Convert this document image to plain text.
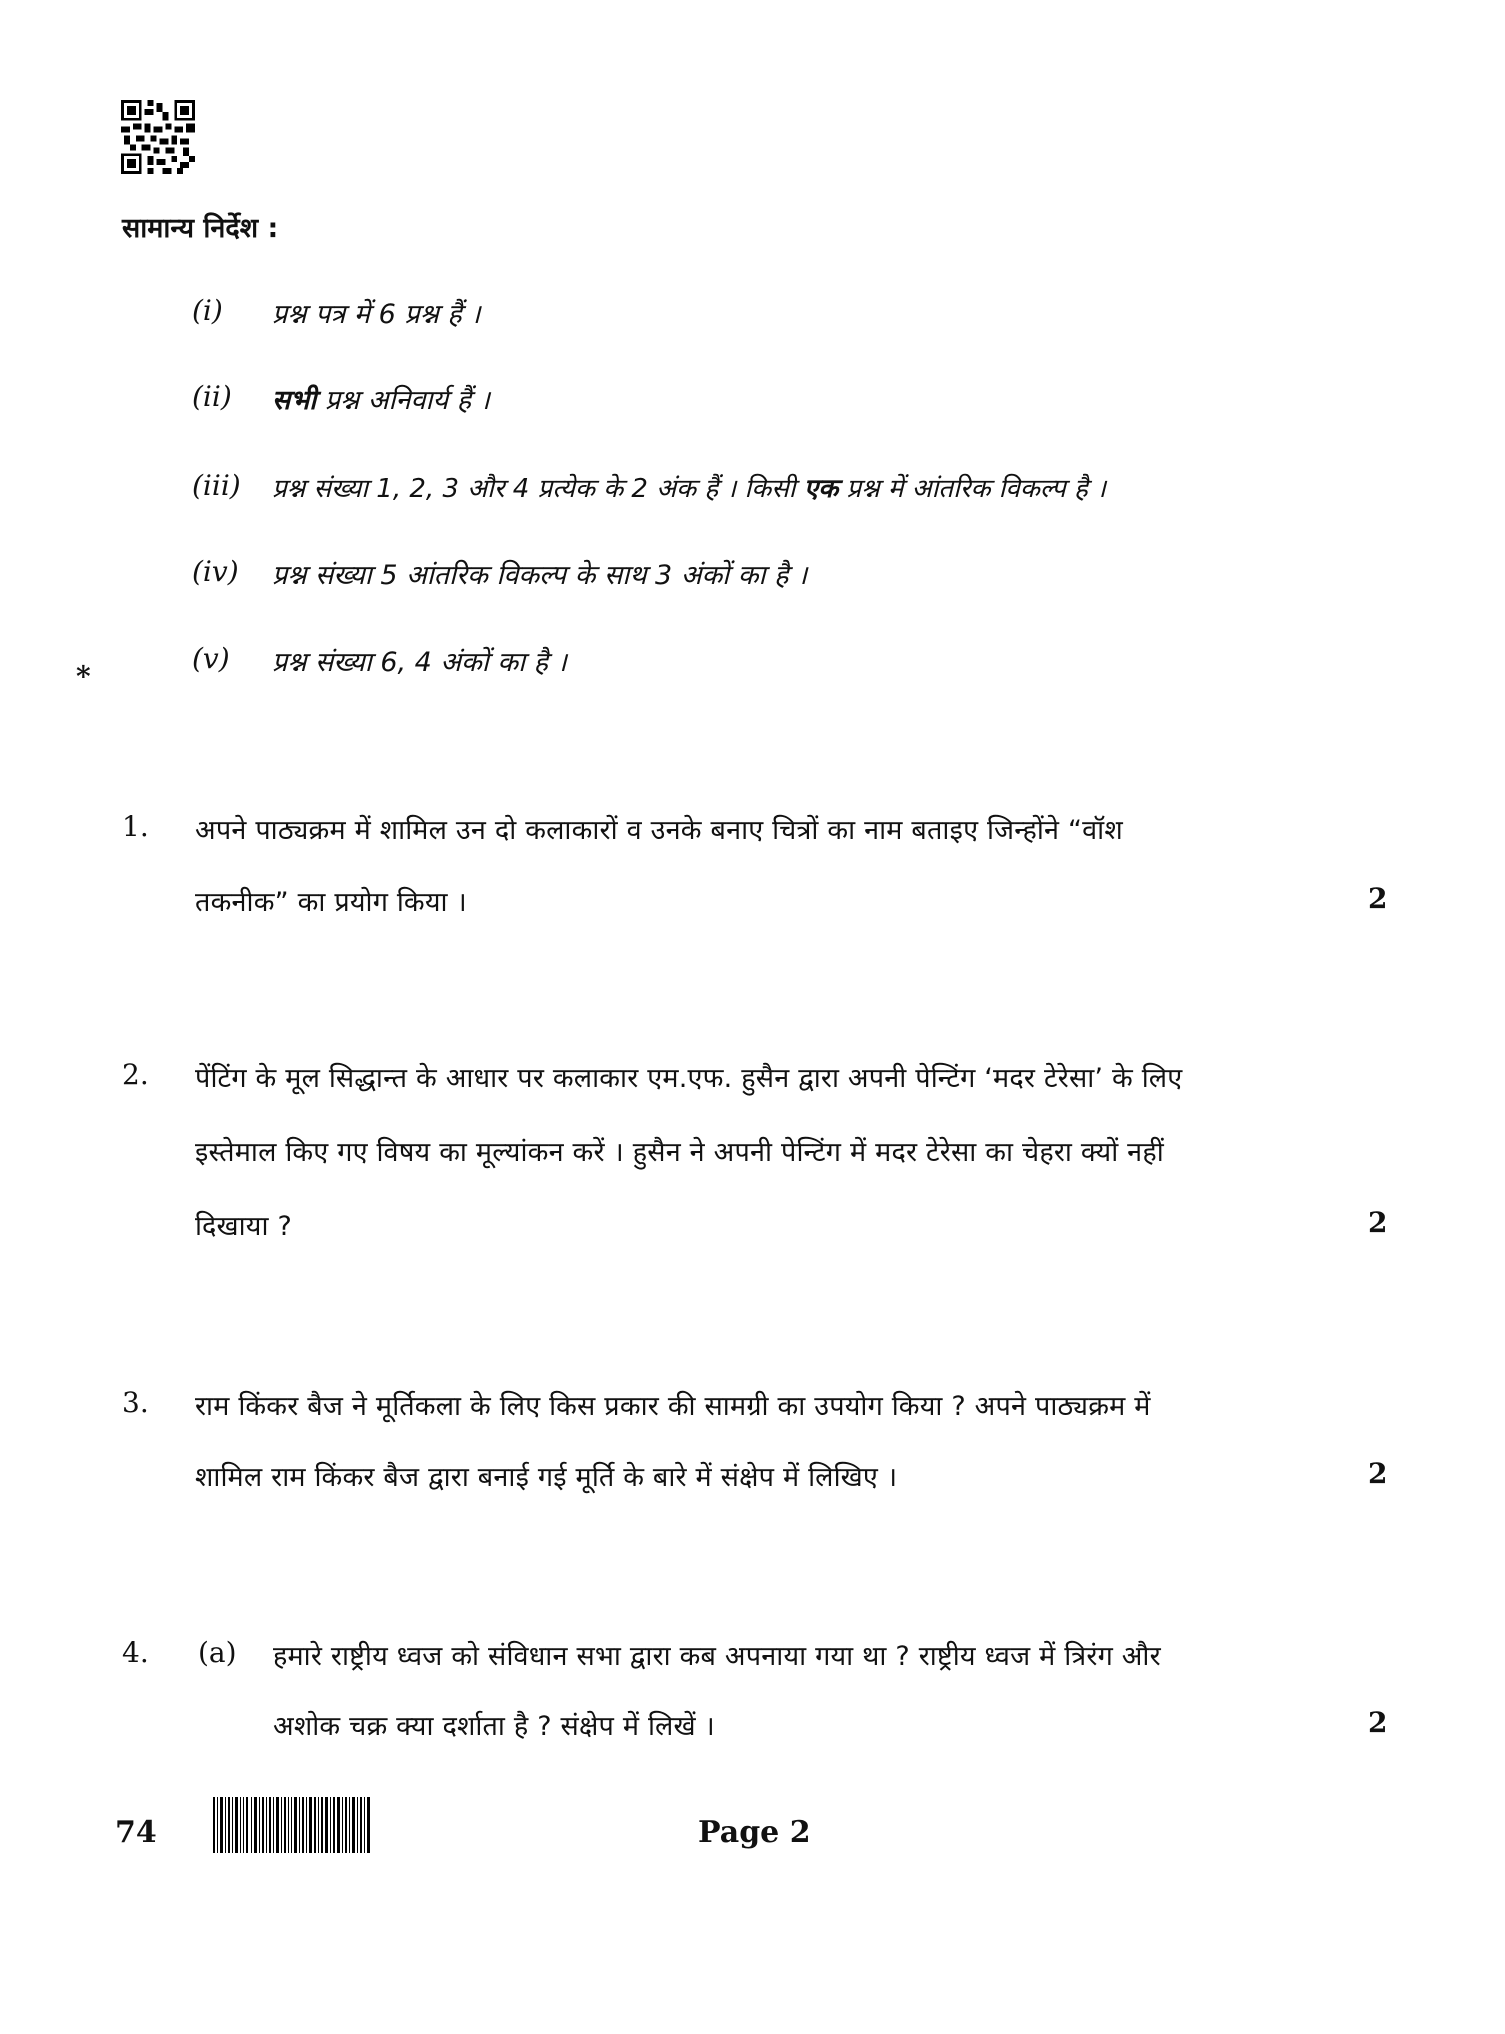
सामान्य निर्देश :
(i) प्रश्न पत्र में 6 प्रश्न हैं ।
(ii) सभी प्रश्न अनिवार्य हैं ।
(iii) प्रश्न संख्या 1, 2, 3 और 4 प्रत्येक के 2 अंक हैं । किसी एक प्रश्न में आंतरिक विकल्प है ।
(iv) प्रश्न संख्या 5 आंतरिक विकल्प के साथ 3 अंकों का है ।
(v) प्रश्न संख्या 6, 4 अंकों का है ।
*
1. अपने पाठ्यक्रम में शामिल उन दो कलाकारों व उनके बनाए चित्रों का नाम बताइए जिन्होंने “वॉश
तकनीक” का प्रयोग किया ।	2
2. पेंटिंग के मूल सिद्धान्त के आधार पर कलाकार एम.एफ. हुसैन द्वारा अपनी पेन्टिंग ‘मदर टेरेसा’ के लिए
इस्तेमाल किए गए विषय का मूल्यांकन करें । हुसैन ने अपनी पेन्टिंग में मदर टेरेसा का चेहरा क्यों नहीं
दिखाया ?	2
3. राम किंकर बैज ने मूर्तिकला के लिए किस प्रकार की सामग्री का उपयोग किया ? अपने पाठ्यक्रम में
शामिल राम किंकर बैज द्वारा बनाई गई मूर्ति के बारे में संक्षेप में लिखिए ।	2
4. (a) हमारे राष्ट्रीय ध्वज को संविधान सभा द्वारा कब अपनाया गया था ? राष्ट्रीय ध्वज में त्रिरंग और
अशोक चक्र क्या दर्शाता है ? संक्षेप में लिखें ।	2
74	Page 2
